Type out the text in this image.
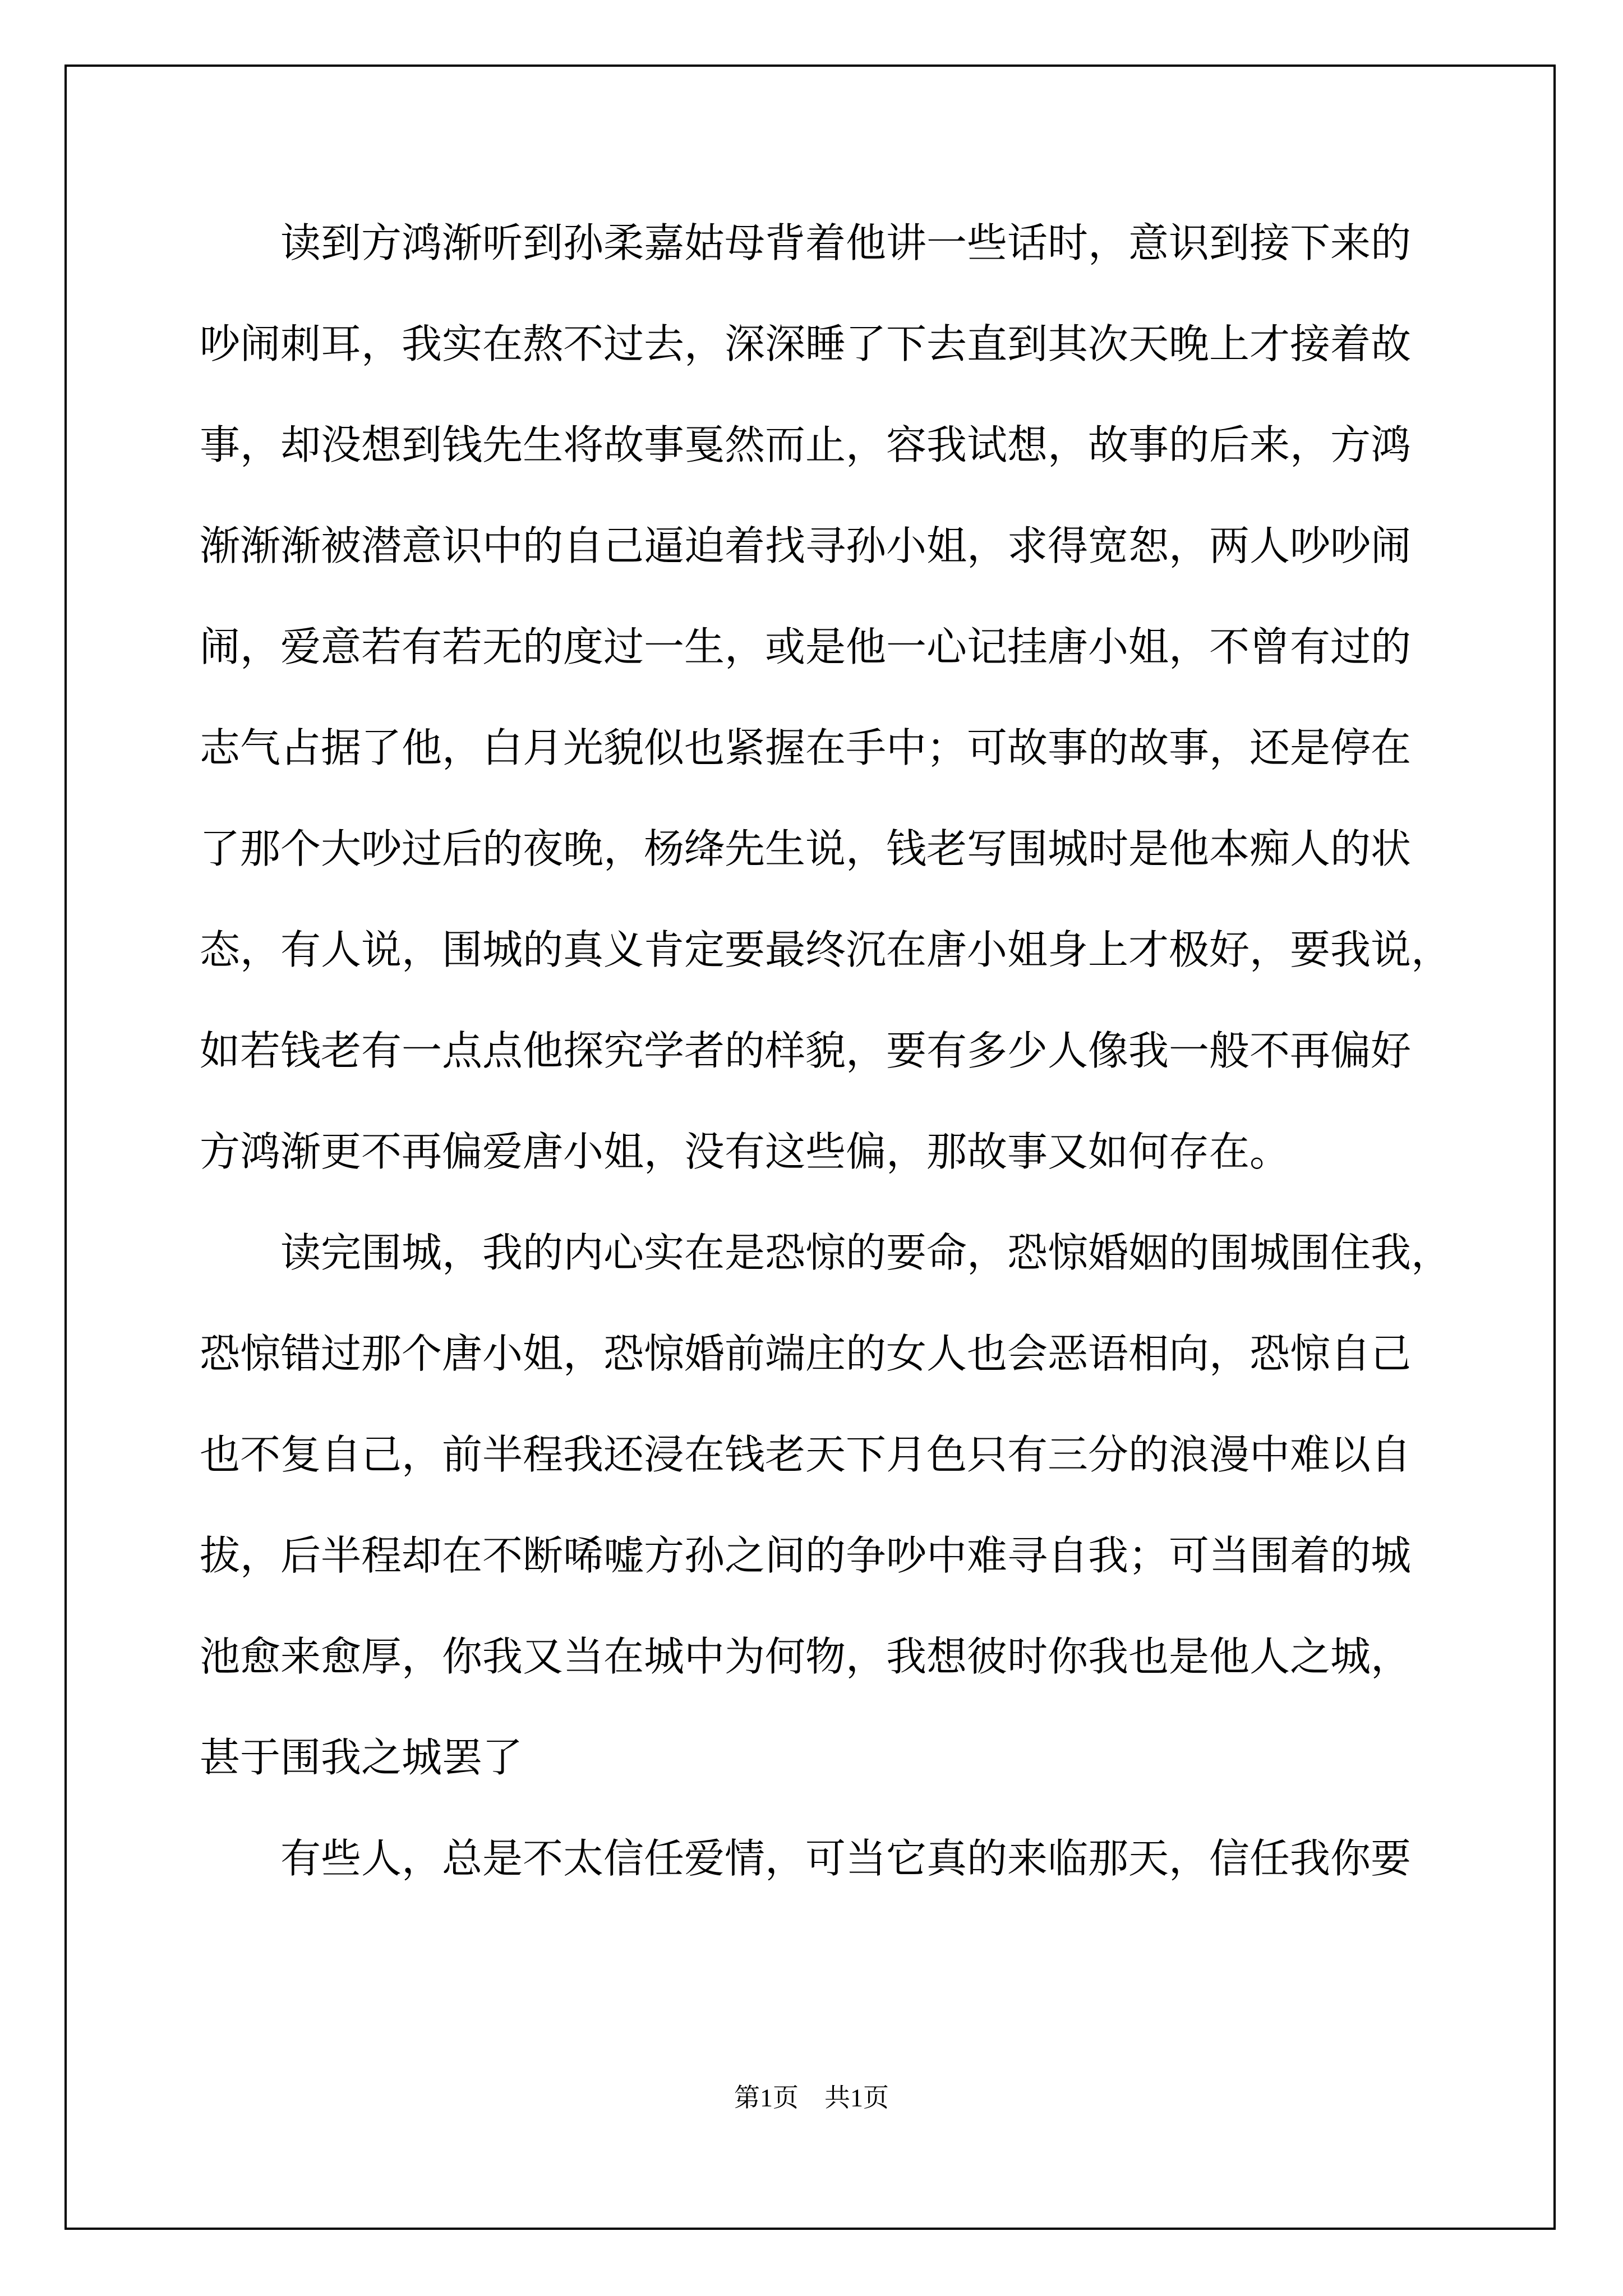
读到方鸿渐听到孙柔嘉姑母背着他讲一些话时，意识到接下来的
吵闹刺耳，我实在熬不过去，深深睡了下去直到其次天晚上才接着故
事，却没想到钱先生将故事戛然而止，容我试想，故事的后来，方鸿
渐渐渐被潜意识中的自己逼迫着找寻孙小姐，求得宽恕，两人吵吵闹
闹，爱意若有若无的度过一生，或是他一心记挂唐小姐，不曾有过的
志气占据了他，白月光貌似也紧握在手中；可故事的故事，还是停在
了那个大吵过后的夜晚，杨绛先生说，钱老写围城时是他本痴人的状
态，有人说，围城的真义肯定要最终沉在唐小姐身上才极好，要我说，
如若钱老有一点点他探究学者的样貌，要有多少人像我一般不再偏好
方鸿渐更不再偏爱唐小姐，没有这些偏，那故事又如何存在。
读完围城，我的内心实在是恐惊的要命，恐惊婚姻的围城围住我，
恐惊错过那个唐小姐，恐惊婚前端庄的女人也会恶语相向，恐惊自己
也不复自己，前半程我还浸在钱老天下月色只有三分的浪漫中难以自
拔，后半程却在不断唏嘘方孙之间的争吵中难寻自我；可当围着的城
池愈来愈厚，你我又当在城中为何物，我想彼时你我也是他人之城，
甚于围我之城罢了
有些人，总是不太信任爱情，可当它真的来临那天，信任我你要
第1页　共1页
